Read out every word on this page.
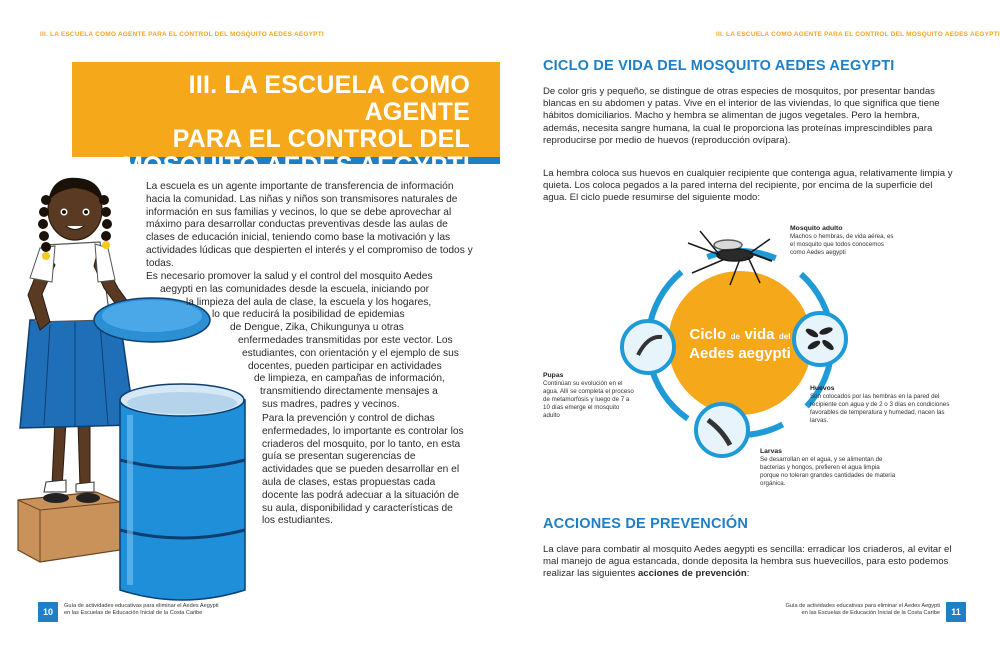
III. LA ESCUELA COMO AGENTE PARA EL CONTROL DEL MOSQUITO AEDES AEGYPTI
III. LA ESCUELA COMO AGENTE
PARA EL CONTROL DEL
MOSQUITO AEDES AEGYPTI
La escuela es un agente importante de transferencia de información hacia la comunidad. Las niñas y niños son transmisores naturales de información en sus familias y vecinos, lo que se debe aprovechar al máximo para desarrollar conductas preventivas desde las aulas de clases de educación inicial, teniendo como base la motivación y las actividades lúdicas que despierten el interés y el compromiso de todos y todas.
Es necesario promover la salud y el control del mosquito Aedes
aegypti en las comunidades desde la escuela, iniciando por
la limpieza del aula de clase, la escuela y los hogares,
lo que reducirá la posibilidad de epidemias
de Dengue, Zika, Chikungunya u otras
enfermedades transmitidas por este vector. Los
estudiantes, con orientación y el ejemplo de sus
docentes, pueden participar en actividades
de limpieza, en campañas de información,
transmitiendo directamente mensajes a
sus madres, padres y vecinos.
Para la prevención y control de dichas enfermedades, lo importante es controlar los criaderos del mosquito, por lo tanto, en esta guía se presentan sugerencias de actividades que se pueden desarrollar en el aula de clases, estas propuestas cada docente las podrá adecuar a la situación de su aula, disponibilidad y características de los estudiantes.
10
Guía de actividades educativas para eliminar el Aedes Aegypti
en las Escuelas de Educación Inicial de la Costa Caribe
III. LA ESCUELA COMO AGENTE PARA EL CONTROL DEL MOSQUITO AEDES AEGYPTI
CICLO DE VIDA DEL MOSQUITO AEDES AEGYPTI
De color gris y pequeño, se distingue de otras especies de mosquitos, por presentar bandas blancas en su abdomen y patas. Vive en el interior de las viviendas, lo que significa que tiene hábitos domiciliarios. Macho y hembra se alimentan de jugos vegetales. Pero la hembra, además, necesita sangre humana, la cual le proporciona las proteínas imprescindibles para reproducirse por medio de huevos (reproducción ovípara).
La hembra coloca sus huevos en cualquier recipiente que contenga agua, relativamente limpia y quieta. Los coloca pegados a la pared interna del recipiente, por encima de la superficie del agua. El ciclo puede resumirse del siguiente modo:
Ciclo de vida del
Aedes aegypti
Mosquito adulto
Machos o hembras, de vida aérea, es el mosquito que todos conocemos como Aedes aegypti
Huevos
Son colocados por las hembras en la pared del recipiente con agua y de 2 o 3 días en condiciones favorables de temperatura y humedad, nacen las larvas.
Larvas
Se desarrollan en el agua, y se alimentan de bacterias y hongos, prefieren el agua limpia porque no toleran grandes cantidades de materia orgánica.
Pupas
Continúan su evolución en el agua. Allí se completa el proceso de metamorfosis y luego de 7 a 10 días emerge el mosquito adulto
ACCIONES DE PREVENCIÓN
La clave para combatir al mosquito Aedes aegypti es sencilla: erradicar los criaderos, al evitar el mal manejo de agua estancada, donde deposita la hembra sus huevecillos, para esto podemos realizar las siguientes acciones de prevención:
Guía de actividades educativas para eliminar el Aedes Aegypti
en las Escuelas de Educación Inicial de la Costa Caribe	11
